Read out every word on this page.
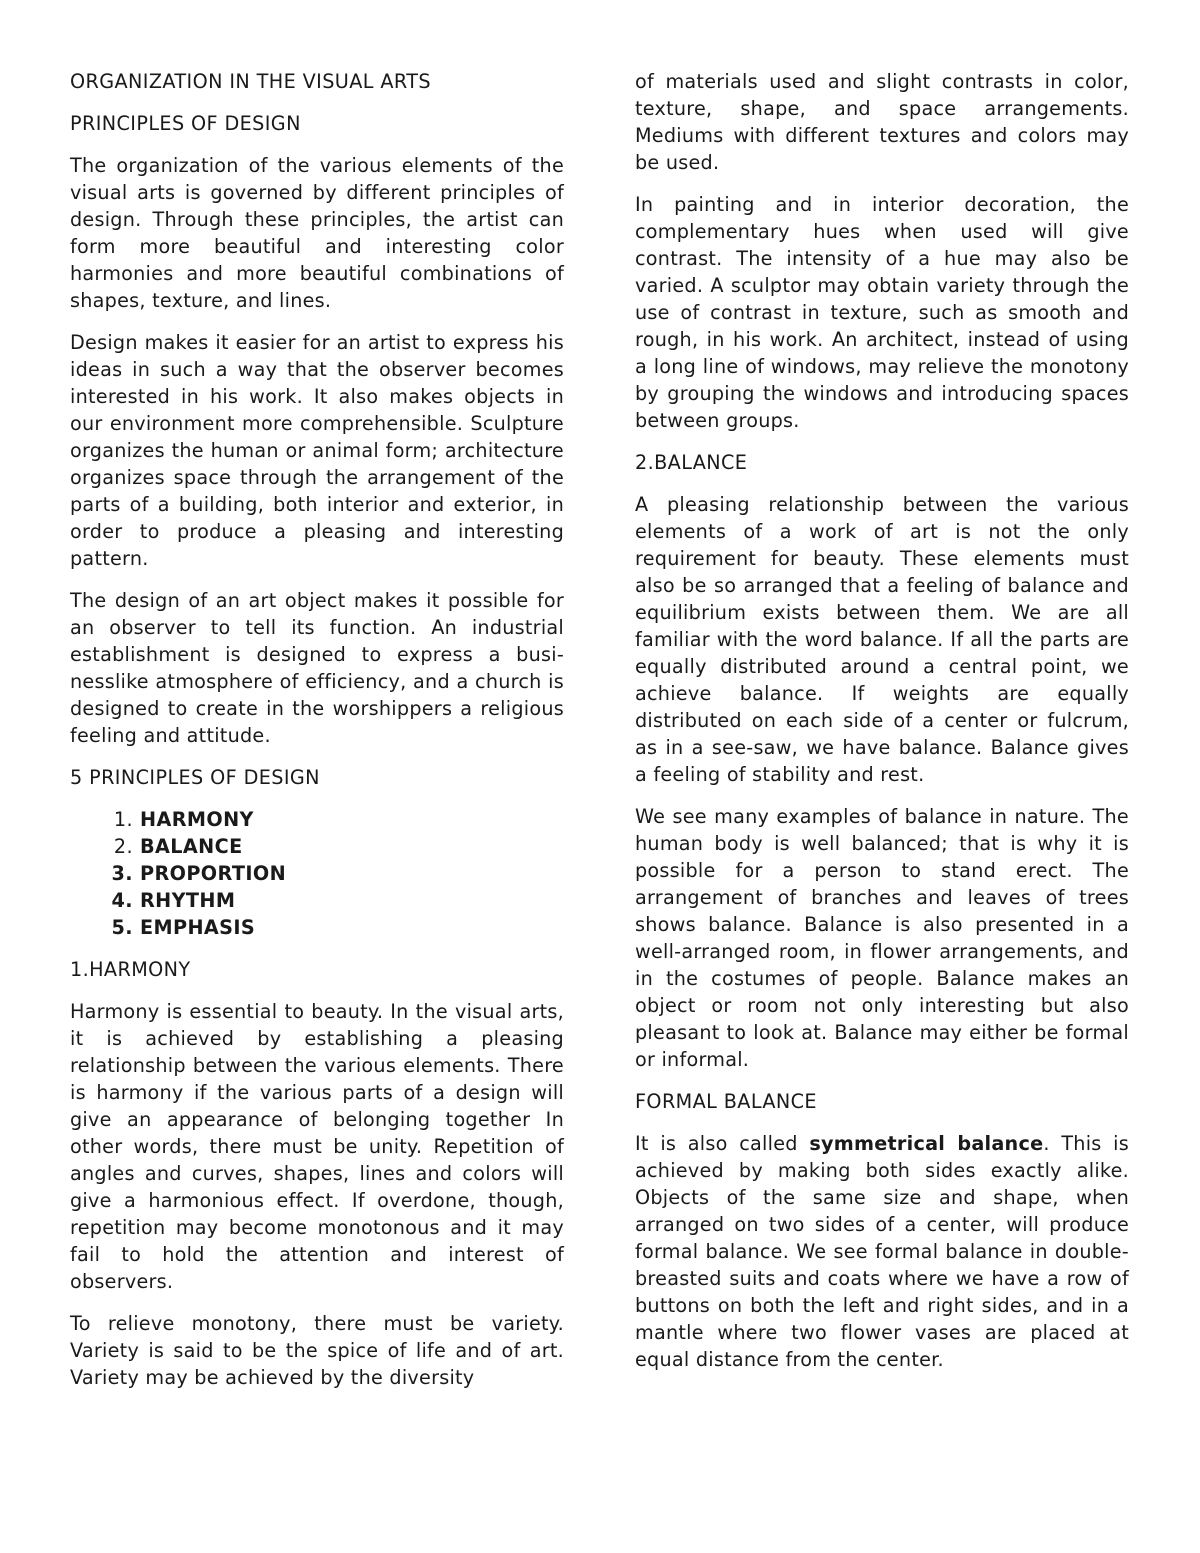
ORGANIZATION IN THE VISUAL ARTS
PRINCIPLES OF DESIGN

The organization of the various elements of the visual arts is governed by different principles of design. Through these principles, the artist can form more beautiful and interesting color harmonies and more beautiful combinations of shapes, texture, and lines.

Design makes it easier for an artist to express his ideas in such a way that the observer becomes interested in his work. It also makes objects in our environment more comprehensible. Sculpture organizes the human or animal form; architecture organizes space through the arrangement of the parts of a building, both interior and exterior, in order to produce a pleasing and interesting pattern.

The design of an art object makes it possible for an observer to tell its function. An industrial establishment is designed to express a busi-nesslike atmosphere of efficiency, and a church is designed to create in the worshippers a religious feeling and attitude.

5 PRINCIPLES OF DESIGN
1. HARMONY
2. BALANCE
3. PROPORTION
4. RHYTHM
5. EMPHASIS
1.HARMONY

Harmony is essential to beauty. In the visual arts, it is achieved by establishing a pleasing relationship between the various elements. There is harmony if the various parts of a design will give an appearance of belonging together In other words, there must be unity. Repetition of angles and curves, shapes, lines and colors will give a harmonious effect. If overdone, though, repetition may become monotonous and it may fail to hold the attention and interest of observers.

To relieve monotony, there must be variety. Variety is said to be the spice of life and of art. Variety may be achieved by the diversity

of materials used and slight contrasts in color, texture, shape, and space arrangements. Mediums with different textures and colors may be used.

In painting and in interior decoration, the complementary hues when used will give contrast. The intensity of a hue may also be varied. A sculptor may obtain variety through the use of contrast in texture, such as smooth and rough, in his work. An architect, instead of using a long line of windows, may relieve the monotony by grouping the windows and introducing spaces between groups.

2.BALANCE

A pleasing relationship between the various elements of a work of art is not the only requirement for beauty. These elements must also be so arranged that a feeling of balance and equilibrium exists between them. We are all familiar with the word balance. If all the parts are equally distributed around a central point, we achieve balance. If weights are equally distributed on each side of a center or fulcrum, as in a see-saw, we have balance. Balance gives a feeling of stability and rest.

We see many examples of balance in nature. The human body is well balanced; that is why it is possible for a person to stand erect. The arrangement of branches and leaves of trees shows balance. Balance is also presented in a well-arranged room, in flower arrangements, and in the costumes of people. Balance makes an object or room not only interesting but also pleasant to look at. Balance may either be formal or informal.

FORMAL BALANCE

It is also called symmetrical balance. This is achieved by making both sides exactly alike. Objects of the same size and shape, when arranged on two sides of a center, will produce formal balance. We see formal balance in double-breasted suits and coats where we have a row of buttons on both the left and right sides, and in a mantle where two flower vases are placed at equal distance from the center.
